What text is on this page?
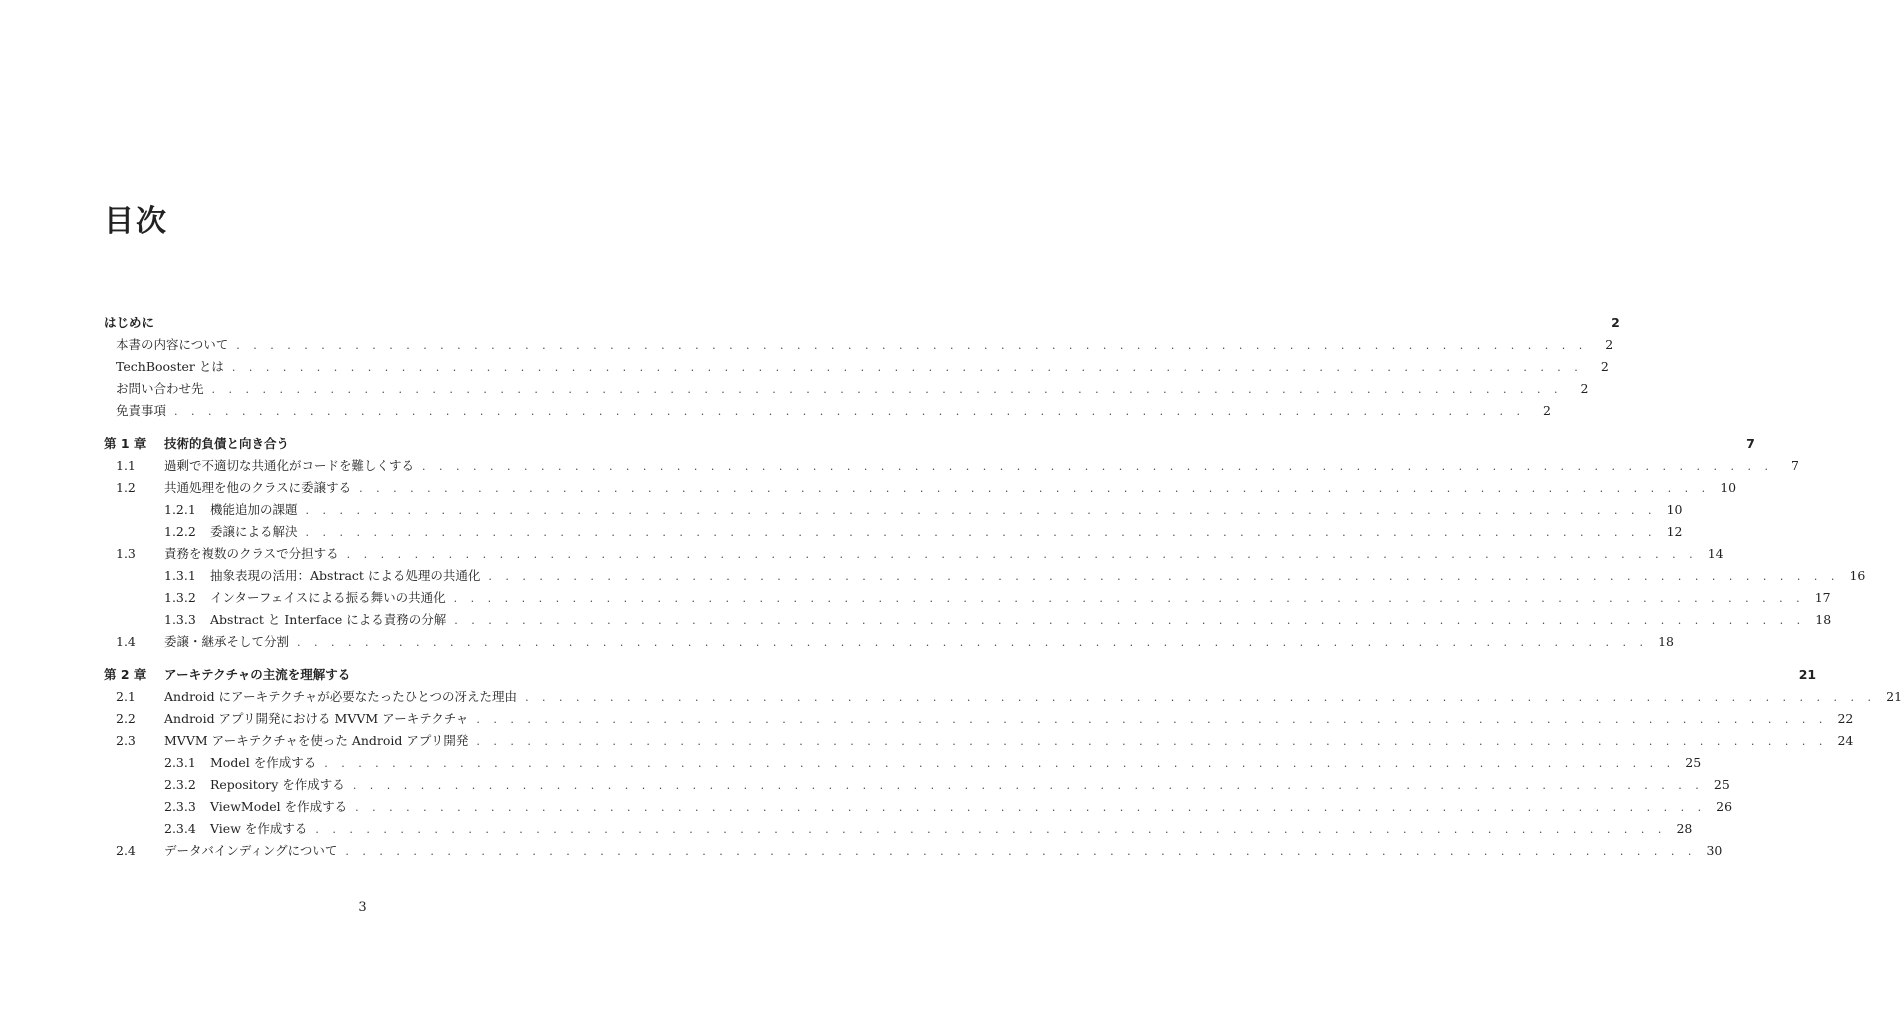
目次
はじめに	2
本書の内容について . . . . . . . . . . . . . . . . . . . . . . . . . . . . . . . . . . . . . . . . . . . . . . . . . . . . . . . . . . . . . . . . . . . . . . . . . . . . . . . .	2
TechBooster とは . . . . . . . . . . . . . . . . . . . . . . . . . . . . . . . . . . . . . . . . . . . . . . . . . . . . . . . . . . . . . . . . . . . . . . . . . . . . . . . .	2
お問い合わせ先 . . . . . . . . . . . . . . . . . . . . . . . . . . . . . . . . . . . . . . . . . . . . . . . . . . . . . . . . . . . . . . . . . . . . . . . . . . . . . . . .	2
免責事項 . . . . . . . . . . . . . . . . . . . . . . . . . . . . . . . . . . . . . . . . . . . . . . . . . . . . . . . . . . . . . . . . . . . . . . . . . . . . . . . .	2
第 1 章	技術的負債と向き合う	7
1.1	過剰で不適切な共通化がコードを難しくする . . . . . . . . . . . . . . . . . . . . . . . . . . . . . . . . . . . . . . . . . . . . . . . . . . . . . . . . . . . . . . . . . . . . . . . . . . . . . . . .	7
1.2	共通処理を他のクラスに委譲する . . . . . . . . . . . . . . . . . . . . . . . . . . . . . . . . . . . . . . . . . . . . . . . . . . . . . . . . . . . . . . . . . . . . . . . . . . . . . . . . 10
1.2.1	機能追加の課題 . . . . . . . . . . . . . . . . . . . . . . . . . . . . . . . . . . . . . . . . . . . . . . . . . . . . . . . . . . . . . . . . . . . . . . . . . . . . . . . . 10
1.2.2	委譲による解決 . . . . . . . . . . . . . . . . . . . . . . . . . . . . . . . . . . . . . . . . . . . . . . . . . . . . . . . . . . . . . . . . . . . . . . . . . . . . . . . . 12
1.3	責務を複数のクラスで分担する . . . . . . . . . . . . . . . . . . . . . . . . . . . . . . . . . . . . . . . . . . . . . . . . . . . . . . . . . . . . . . . . . . . . . . . . . . . . . . . . 14
1.3.1	抽象表現の活用：Abstract による処理の共通化 . . . . . . . . . . . . . . . . . . . . . . . . . . . . . . . . . . . . . . . . . . . . . . . . . . . . . . . . . . . . . . . . . . . . . . . . . . . . . . . . 16
1.3.2	インターフェイスによる振る舞いの共通化 . . . . . . . . . . . . . . . . . . . . . . . . . . . . . . . . . . . . . . . . . . . . . . . . . . . . . . . . . . . . . . . . . . . . . . . . . . . . . . . . 17
1.3.3	Abstract と Interface による責務の分解 . . . . . . . . . . . . . . . . . . . . . . . . . . . . . . . . . . . . . . . . . . . . . . . . . . . . . . . . . . . . . . . . . . . . . . . . . . . . . . . . 18
1.4	委譲・継承そして分割 . . . . . . . . . . . . . . . . . . . . . . . . . . . . . . . . . . . . . . . . . . . . . . . . . . . . . . . . . . . . . . . . . . . . . . . . . . . . . . . . 18
第 2 章	アーキテクチャの主流を理解する	21
2.1	Android にアーキテクチャが必要なたったひとつの冴えた理由 . . . . . . . . . . . . . . . . . . . . . . . . . . . . . . . . . . . . . . . . . . . . . . . . . . . . . . . . . . . . . . . . . . . . . . . . . . . . . . . . 21
2.2	Android アプリ開発における MVVM アーキテクチャ . . . . . . . . . . . . . . . . . . . . . . . . . . . . . . . . . . . . . . . . . . . . . . . . . . . . . . . . . . . . . . . . . . . . . . . . . . . . . . . . 22
2.3	MVVM アーキテクチャを使った Android アプリ開発 . . . . . . . . . . . . . . . . . . . . . . . . . . . . . . . . . . . . . . . . . . . . . . . . . . . . . . . . . . . . . . . . . . . . . . . . . . . . . . . . 24
2.3.1	Model を作成する . . . . . . . . . . . . . . . . . . . . . . . . . . . . . . . . . . . . . . . . . . . . . . . . . . . . . . . . . . . . . . . . . . . . . . . . . . . . . . . . 25
2.3.2	Repository を作成する . . . . . . . . . . . . . . . . . . . . . . . . . . . . . . . . . . . . . . . . . . . . . . . . . . . . . . . . . . . . . . . . . . . . . . . . . . . . . . . . 25
2.3.3	ViewModel を作成する . . . . . . . . . . . . . . . . . . . . . . . . . . . . . . . . . . . . . . . . . . . . . . . . . . . . . . . . . . . . . . . . . . . . . . . . . . . . . . . . 26
2.3.4	View を作成する . . . . . . . . . . . . . . . . . . . . . . . . . . . . . . . . . . . . . . . . . . . . . . . . . . . . . . . . . . . . . . . . . . . . . . . . . . . . . . . . 28
2.4	データバインディングについて . . . . . . . . . . . . . . . . . . . . . . . . . . . . . . . . . . . . . . . . . . . . . . . . . . . . . . . . . . . . . . . . . . . . . . . . . . . . . . . . 30
3
